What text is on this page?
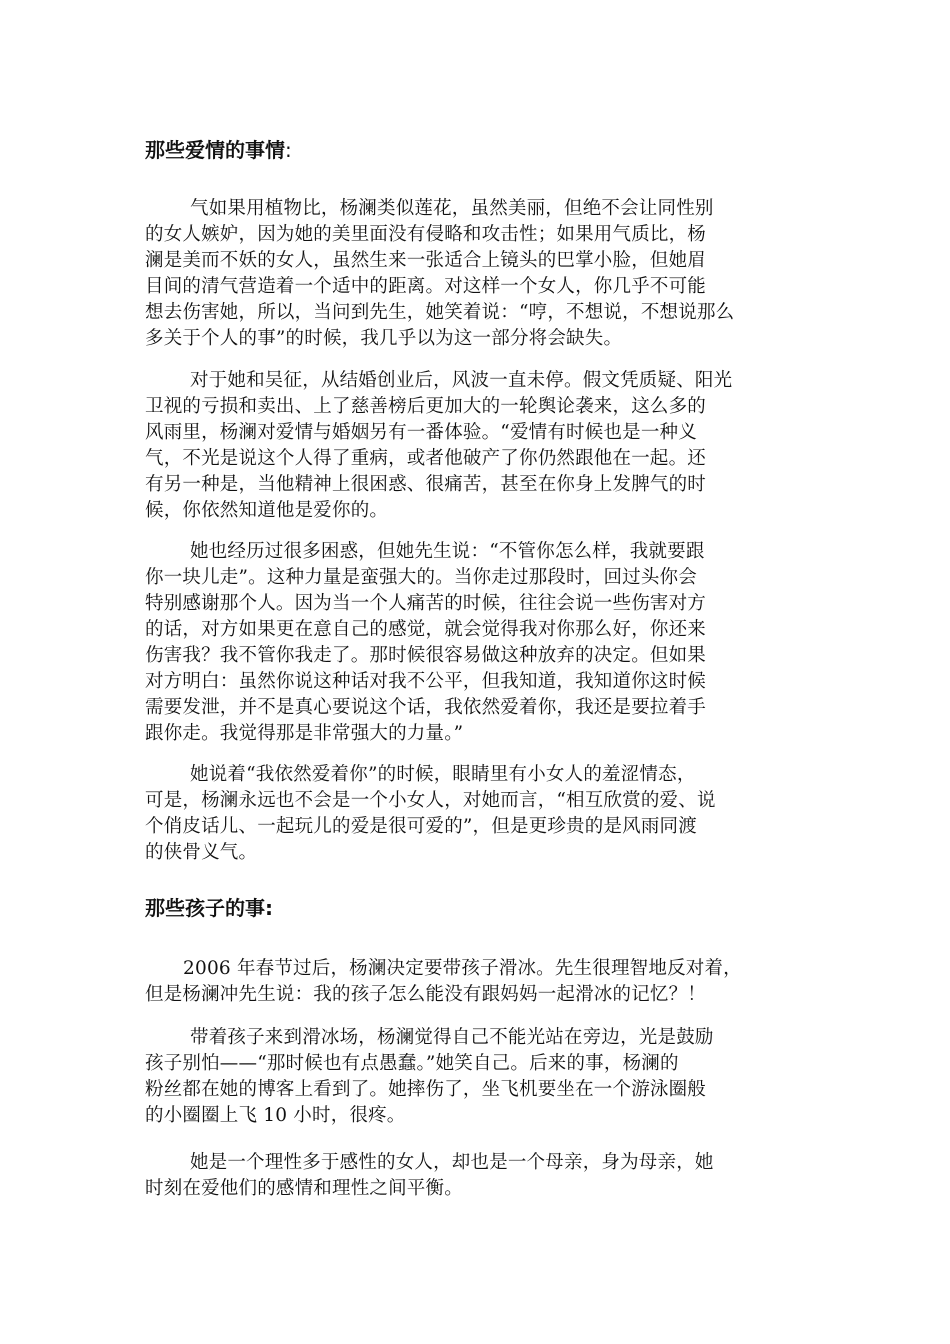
那些爱情的事情:

气如果用植物比，杨澜类似莲花，虽然美丽，但绝不会让同性别
的女人嫉妒，因为她的美里面没有侵略和攻击性；如果用气质比，杨
澜是美而不妖的女人，虽然生来一张适合上镜头的巴掌小脸，但她眉
目间的清气营造着一个适中的距离。对这样一个女人，你几乎不可能
想去伤害她，所以，当问到先生，她笑着说：“哼，不想说，不想说那么
多关于个人的事”的时候，我几乎以为这一部分将会缺失。

对于她和吴征，从结婚创业后，风波一直未停。假文凭质疑、阳光
卫视的亏损和卖出、上了慈善榜后更加大的一轮舆论袭来，这么多的
风雨里，杨澜对爱情与婚姻另有一番体验。“爱情有时候也是一种义
气，不光是说这个人得了重病，或者他破产了你仍然跟他在一起。还
有另一种是，当他精神上很困惑、很痛苦，甚至在你身上发脾气的时
候，你依然知道他是爱你的。

她也经历过很多困惑，但她先生说：“不管你怎么样，我就要跟
你一块儿走”。这种力量是蛮强大的。当你走过那段时，回过头你会
特别感谢那个人。因为当一个人痛苦的时候，往往会说一些伤害对方
的话，对方如果更在意自己的感觉，就会觉得我对你那么好，你还来
伤害我？我不管你我走了。那时候很容易做这种放弃的决定。但如果
对方明白：虽然你说这种话对我不公平，但我知道，我知道你这时候
需要发泄，并不是真心要说这个话，我依然爱着你，我还是要拉着手
跟你走。我觉得那是非常强大的力量。”

她说着“我依然爱着你”的时候，眼睛里有小女人的羞涩情态，
可是，杨澜永远也不会是一个小女人，对她而言，“相互欣赏的爱、说
个俏皮话儿、一起玩儿的爱是很可爱的”，但是更珍贵的是风雨同渡
的侠骨义气。

那些孩子的事:

2006 年春节过后，杨澜决定要带孩子滑冰。先生很理智地反对着，
但是杨澜冲先生说：我的孩子怎么能没有跟妈妈一起滑冰的记忆？！

带着孩子来到滑冰场，杨澜觉得自己不能光站在旁边，光是鼓励
孩子别怕——“那时候也有点愚蠢。”她笑自己。后来的事，杨澜的
粉丝都在她的博客上看到了。她摔伤了，坐飞机要坐在一个游泳圈般
的小圈圈上飞 10 小时，很疼。

她是一个理性多于感性的女人，却也是一个母亲，身为母亲，她
时刻在爱他们的感情和理性之间平衡。
